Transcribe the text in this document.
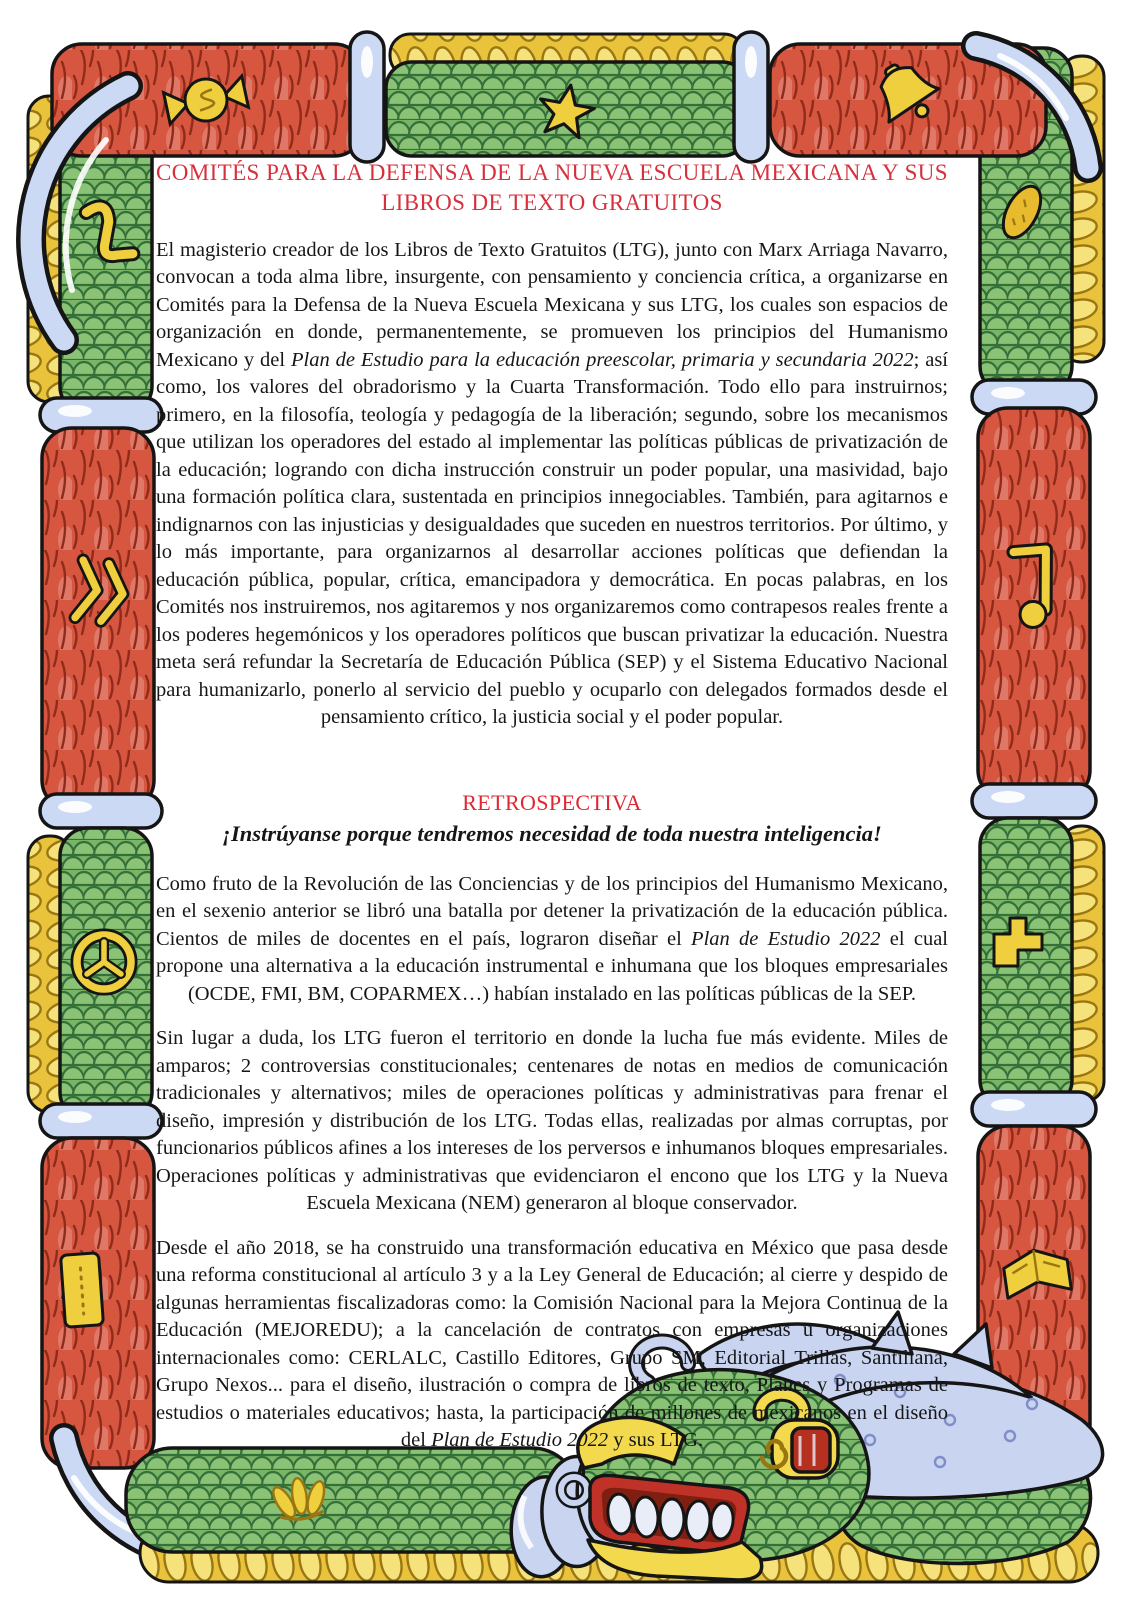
COMITÉS PARA LA DEFENSA DE LA NUEVA ESCUELA MEXICANA Y SUS
LIBROS DE TEXTO GRATUITOS

El magisterio creador de los Libros de Texto Gratuitos (LTG), junto con Marx Arriaga Navarro, convocan a toda alma libre, insurgente, con pensamiento y conciencia crítica, a organizarse en Comités para la Defensa de la Nueva Escuela Mexicana y sus LTG, los cuales son espacios de organización en donde, permanentemente, se promueven los principios del Humanismo Mexicano y del Plan de Estudio para la educación preescolar, primaria y secundaria 2022; así como, los valores del obradorismo y la Cuarta Transformación. Todo ello para instruirnos; primero, en la filosofía, teología y pedagogía de la liberación; segundo, sobre los mecanismos que utilizan los operadores del estado al implementar las políticas públicas de privatización de la educación; logrando con dicha instrucción construir un poder popular, una masividad, bajo una formación política clara, sustentada en principios innegociables. También, para agitarnos e indignarnos con las injusticias y desigualdades que suceden en nuestros territorios. Por último, y lo más importante, para organizarnos al desarrollar acciones políticas que defiendan la educación pública, popular, crítica, emancipadora y democrática. En pocas palabras, en los Comités nos instruiremos, nos agitaremos y nos organizaremos como contrapesos reales frente a los poderes hegemónicos y los operadores políticos que buscan privatizar la educación. Nuestra meta será refundar la Secretaría de Educación Pública (SEP) y el Sistema Educativo Nacional para humanizarlo, ponerlo al servicio del pueblo y ocuparlo con delegados formados desde el pensamiento crítico, la justicia social y el poder popular.

RETROSPECTIVA

¡Instrúyanse porque tendremos necesidad de toda nuestra inteligencia!

Como fruto de la Revolución de las Conciencias y de los principios del Humanismo Mexicano, en el sexenio anterior se libró una batalla por detener la privatización de la educación pública. Cientos de miles de docentes en el país, lograron diseñar el Plan de Estudio 2022 el cual propone una alternativa a la educación instrumental e inhumana que los bloques empresariales (OCDE, FMI, BM, COPARMEX…) habían instalado en las políticas públicas de la SEP.

Sin lugar a duda, los LTG fueron el territorio en donde la lucha fue más evidente. Miles de amparos; 2 controversias constitucionales; centenares de notas en medios de comunicación tradicionales y alternativos; miles de operaciones políticas y administrativas para frenar el diseño, impresión y distribución de los LTG. Todas ellas, realizadas por almas corruptas, por funcionarios públicos afines a los intereses de los perversos e inhumanos bloques empresariales. Operaciones políticas y administrativas que evidenciaron el encono que los LTG y la Nueva Escuela Mexicana (NEM) generaron al bloque conservador.

Desde el año 2018, se ha construido una transformación educativa en México que pasa desde una reforma constitucional al artículo 3 y a la Ley General de Educación; al cierre y despido de algunas herramientas fiscalizadoras como: la Comisión Nacional para la Mejora Continua de la Educación (MEJOREDU); a la cancelación de contratos con empresas u organizaciones internacionales como: CERLALC, Castillo Editores, Grupo SM, Editorial Trillas, Santillana, Grupo Nexos... para el diseño, ilustración o compra de libros de texto, Planes y Programas de estudios o materiales educativos; hasta, la participación de millones de mexicanos en el diseño del Plan de Estudio 2022 y sus LTG.
